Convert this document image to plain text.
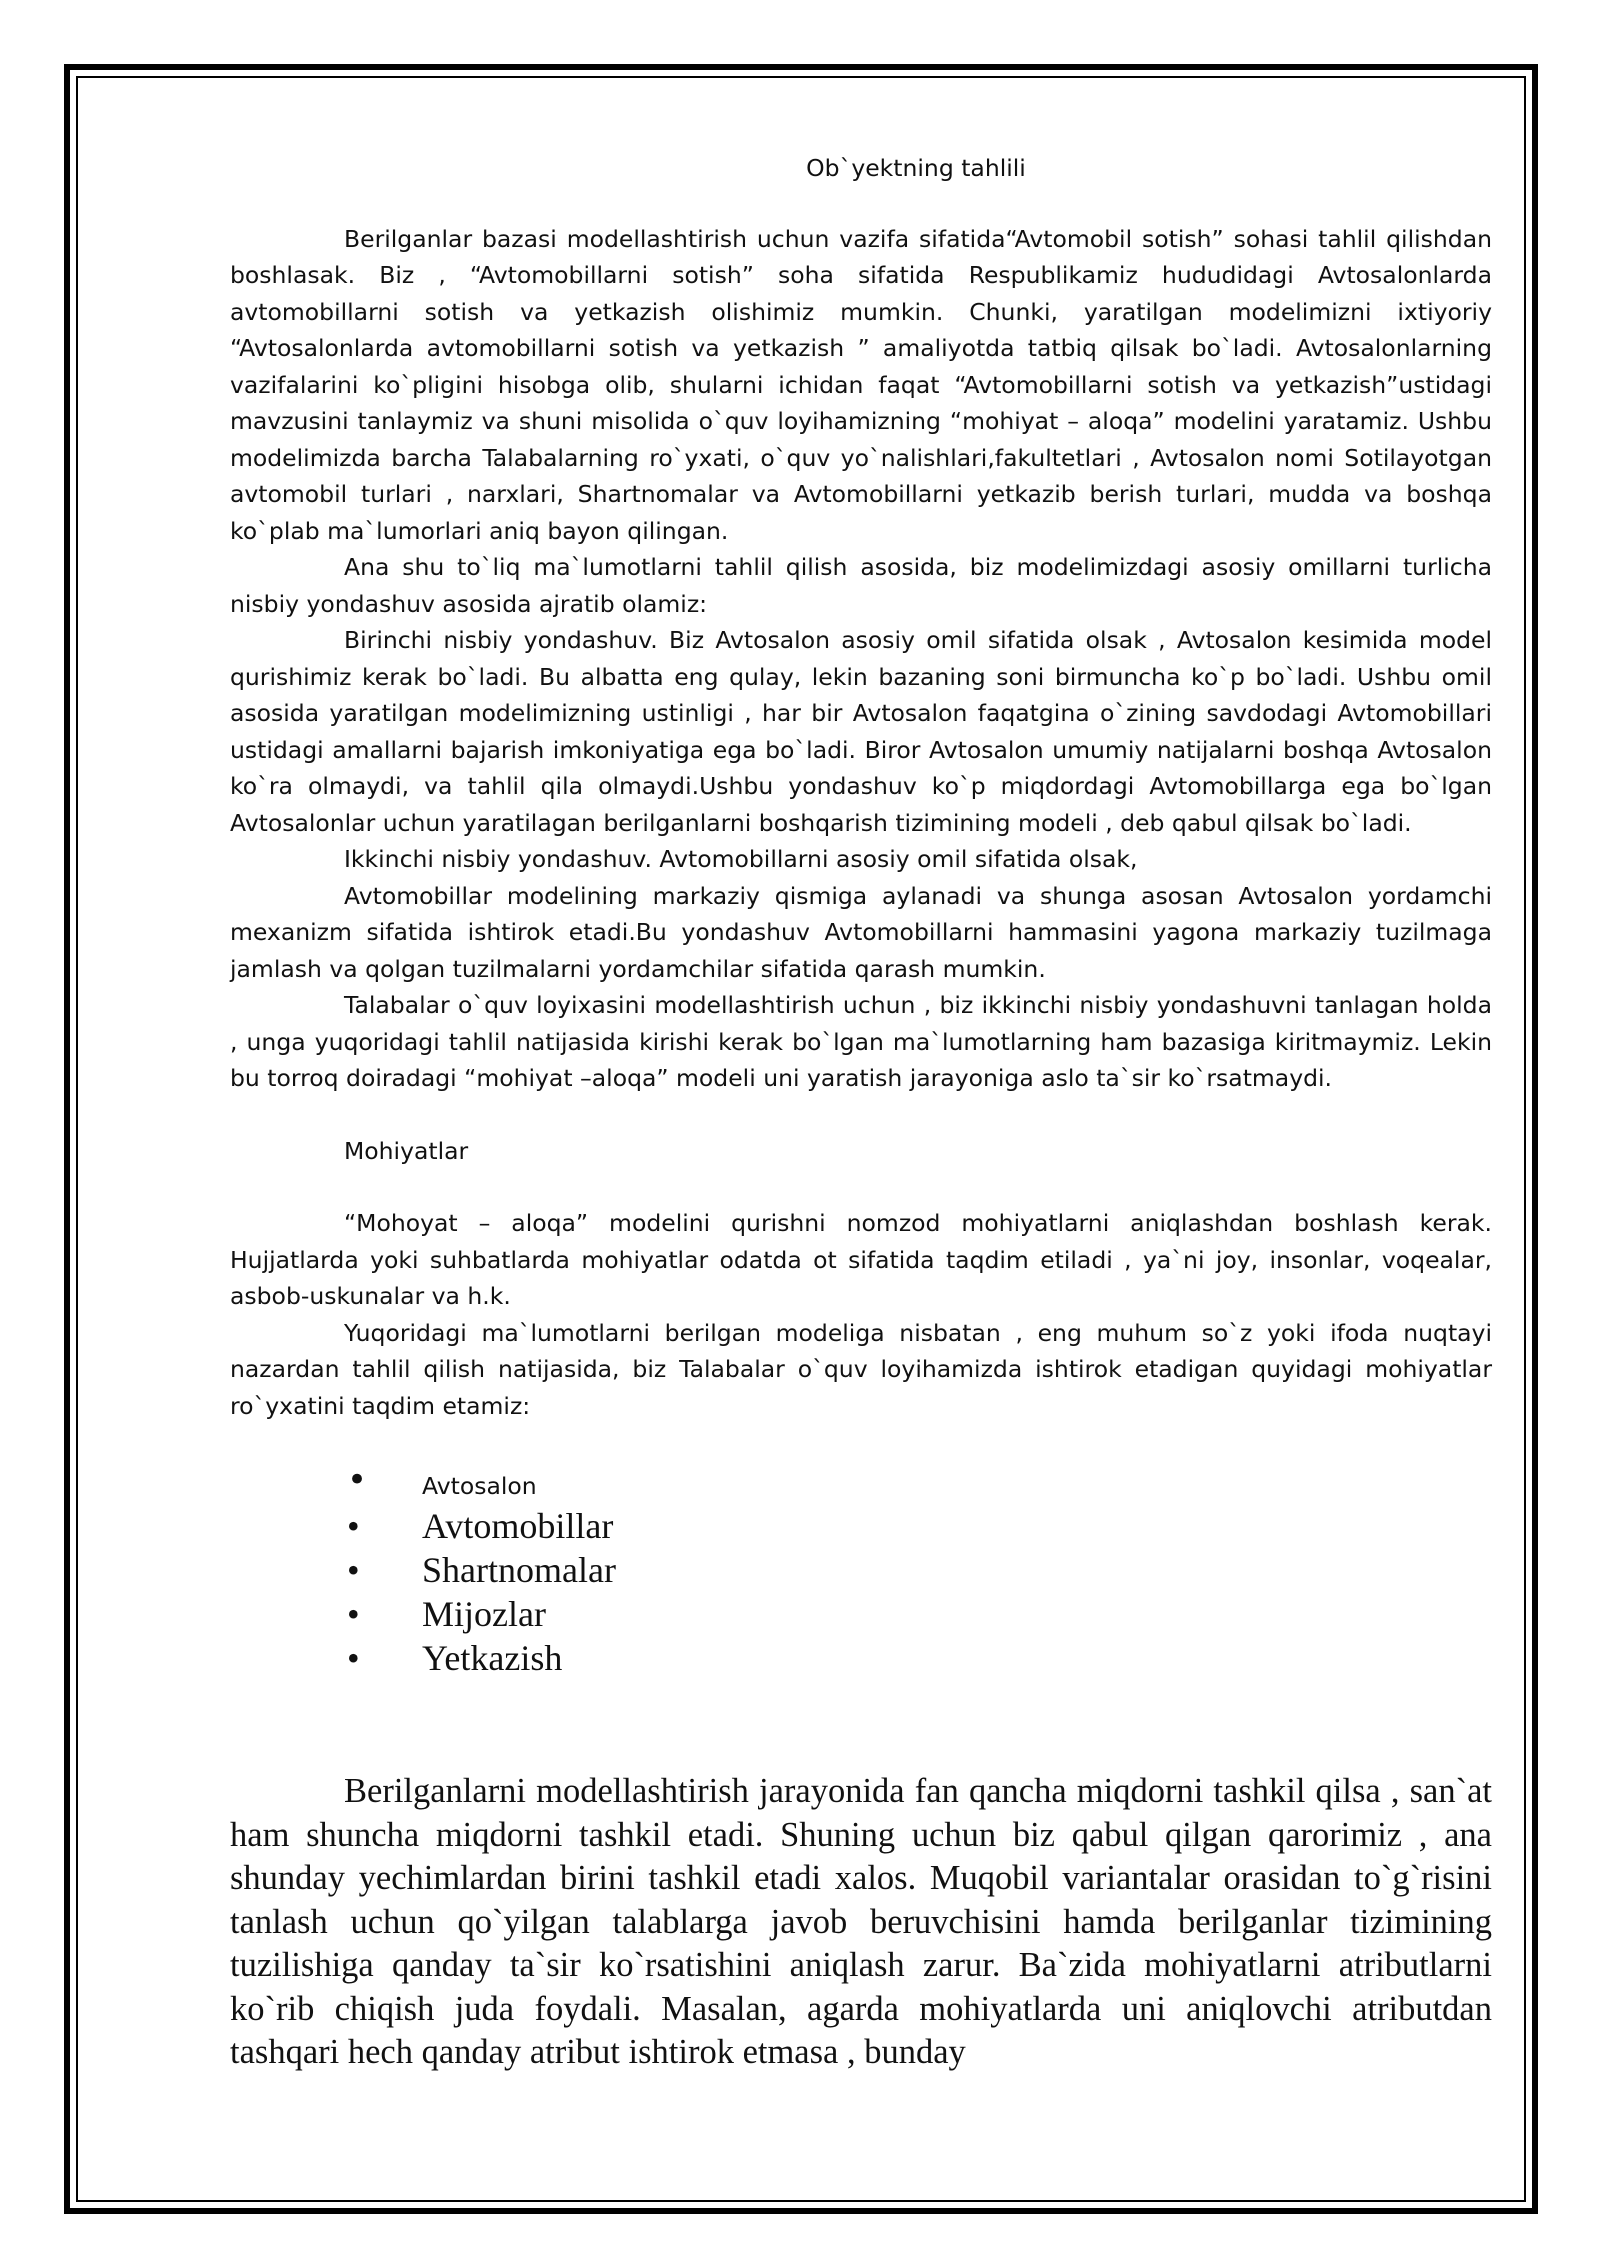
Ob`yektning tahlili

Berilganlar bazasi modellashtirish uchun vazifa sifatida“Avtomobil sotish” sohasi tahlil qilishdan boshlasak. Biz , “Avtomobillarni sotish” soha sifatida Respublikamiz hududidagi Avtosalonlarda avtomobillarni sotish va yetkazish olishimiz mumkin. Chunki, yaratilgan modelimizni ixtiyoriy “Avtosalonlarda avtomobillarni sotish va yetkazish ” amaliyotda tatbiq qilsak bo`ladi. Avtosalonlarning vazifalarini ko`pligini hisobga olib, shularni ichidan faqat “Avtomobillarni sotish va yetkazish”ustidagi mavzusini tanlaymiz va shuni misolida o`quv loyihamizning “mohiyat – aloqa” modelini yaratamiz. Ushbu modelimizda barcha Talabalarning ro`yxati, o`quv yo`nalishlari,fakultetlari , Avtosalon nomi Sotilayotgan avtomobil turlari , narxlari, Shartnomalar va Avtomobillarni yetkazib berish turlari, mudda va boshqa ko`plab ma`lumorlari aniq bayon qilingan.

Ana shu to`liq ma`lumotlarni tahlil qilish asosida, biz modelimizdagi asosiy omillarni turlicha nisbiy yondashuv asosida ajratib olamiz:

Birinchi nisbiy yondashuv. Biz Avtosalon asosiy omil sifatida olsak , Avtosalon kesimida model qurishimiz kerak bo`ladi. Bu albatta eng qulay, lekin bazaning soni birmuncha ko`p bo`ladi. Ushbu omil asosida yaratilgan modelimizning ustinligi , har bir Avtosalon faqatgina o`zining savdodagi Avtomobillari ustidagi amallarni bajarish imkoniyatiga ega bo`ladi. Biror Avtosalon umumiy natijalarni boshqa Avtosalon ko`ra olmaydi, va tahlil qila olmaydi.Ushbu yondashuv ko`p miqdordagi Avtomobillarga ega bo`lgan Avtosalonlar uchun yaratilagan berilganlarni boshqarish tizimining modeli , deb qabul qilsak bo`ladi.

Ikkinchi nisbiy yondashuv. Avtomobillarni asosiy omil sifatida olsak,

Avtomobillar modelining markaziy qismiga aylanadi va shunga asosan Avtosalon yordamchi mexanizm sifatida ishtirok etadi.Bu yondashuv Avtomobillarni hammasini yagona markaziy tuzilmaga jamlash va qolgan tuzilmalarni yordamchilar sifatida qarash mumkin.

Talabalar o`quv loyixasini modellashtirish uchun , biz ikkinchi nisbiy yondashuvni tanlagan holda , unga yuqoridagi tahlil natijasida kirishi kerak bo`lgan ma`lumotlarning ham bazasiga kiritmaymiz. Lekin bu torroq doiradagi “mohiyat –aloqa” modeli uni yaratish jarayoniga aslo ta`sir ko`rsatmaydi.

Mohiyatlar

“Mohoyat – aloqa” modelini qurishni nomzod mohiyatlarni aniqlashdan boshlash kerak. Hujjatlarda yoki suhbatlarda mohiyatlar odatda ot sifatida taqdim etiladi , ya`ni joy, insonlar, voqealar, asbob-uskunalar va h.k.

Yuqoridagi ma`lumotlarni berilgan modeliga nisbatan , eng muhum so`z yoki ifoda nuqtayi nazardan tahlil qilish natijasida, biz Talabalar o`quv loyihamizda ishtirok etadigan quyidagi mohiyatlar ro`yxatini taqdim etamiz:

• Avtosalon
• Avtomobillar
• Shartnomalar
• Mijozlar
• Yetkazish

Berilganlarni modellashtirish jarayonida fan qancha miqdorni tashkil qilsa , san`at ham shuncha miqdorni tashkil etadi. Shuning uchun biz qabul qilgan qarorimiz , ana shunday yechimlardan birini tashkil etadi xalos. Muqobil variantalar orasidan to`g`risini tanlash uchun qo`yilgan talablarga javob beruvchisini hamda berilganlar tizimining tuzilishiga qanday ta`sir ko`rsatishini aniqlash zarur. Ba`zida mohiyatlarni atributlarni ko`rib chiqish juda foydali. Masalan, agarda mohiyatlarda uni aniqlovchi atributdan tashqari hech qanday atribut ishtirok etmasa , bunday
